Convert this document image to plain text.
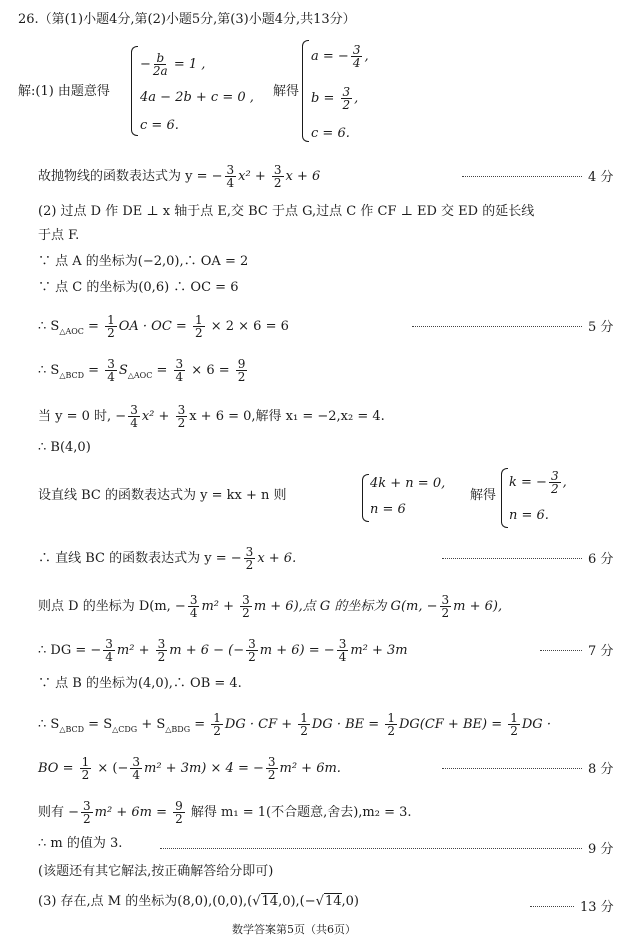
26.（第(1)小题4分,第(2)小题5分,第(3)小题4分,共13分）
解:(1) 由题意得
− $\frac{b}{2a} = 1$ ,
4a − 2b + c = 0 ,
c = 6.
解得
a = − $\frac{3}{4}$ ,
$b = \frac{3}{2}$ ,
c = 6.
故抛物线的函数表达式为 y = − $\frac{3}{4} x^2 + \frac{3}{2}$ x + 6	4 分
(2) 过点 D 作 DE ⊥ x 轴于点 E,交 BC 于点 G,过点 C 作 CF ⊥ ED 交 ED 的延长线
于点 F.
∵ 点 A 的坐标为(−2,0),∴ OA = 2
∵ 点 C 的坐标为(0,6) ∴ OC = 6
∴ $S_{\triangle AOC} = \frac{1}{2}$ OA · OC = $\frac{1}{2} \times 2 \times 6 = 6$	5 分
∴ $S_{\triangle BCD} = \frac{3}{4} S_{\triangle AOC} = \frac{3}{4} \times 6 = \frac{9}{2}$
当 y = 0 时, − $\frac{3}{4} x^2 + \frac{3}{2}$ x + 6 = 0,解得 x₁ = −2,x₂ = 4.
∴ B(4,0)
设直线 BC 的函数表达式为 y = kx + n 则
4k + n = 0,
n = 6
解得
k = − $\frac{3}{2}$ ,
n = 6.
∴ 直线 BC 的函数表达式为 y = − $\frac{3}{2}$ x + 6.	6 分
则点 D 的坐标为 D(m, − $\frac{3}{4} m^2 + \frac{3}{2}$ m + 6),点 G 的坐标为 G(m, − $\frac{3}{2}$ m + 6),
∴ DG = − $\frac{3}{4} m^2 + \frac{3}{2}$ m + 6 − (− $\frac{3}{2}$ m + 6) = − $\frac{3}{4} m^2 + 3m$	7 分
∵ 点 B 的坐标为(4,0),∴ OB = 4.
∴ $S_{\triangle BCD} = S_{\triangle CDG} + S_{\triangle BDG} = \frac{1}{2}$ DG · CF + $\frac{1}{2}$ DG · BE = $\frac{1}{2} DG(CF + BE) = \frac{1}{2}$ DG ·
BO = $\frac{1}{2}$ × (− $\frac{3}{4} m^2 + 3m) \times 4$ = − $\frac{3}{2} m^2 + 6m$.	8 分
则有 − $\frac{3}{2} m^2 + 6m = \frac{9}{2}$ 解得 m₁ = 1(不合题意,舍去),m₂ = 3.
∴ m 的值为 3.	9 分
(该题还有其它解法,按正确解答给分即可)
(3) 存在,点 M 的坐标为(8,0),(0,0),(√14,0),(−√14,0)	13 分
数学答案第5页（共6页）
